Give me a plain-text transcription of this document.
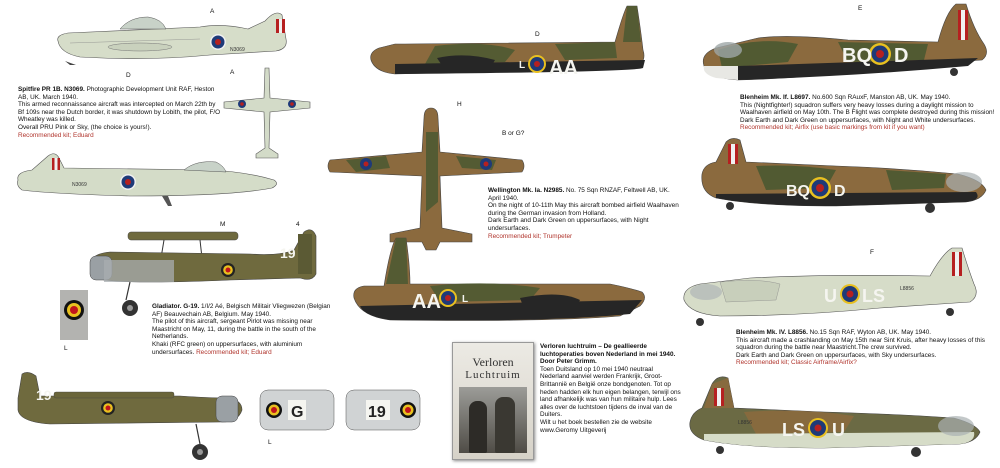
N3069
A
D	A
N3069
Spitfire PR 1B. N3069. Photographic Development Unit RAF, Heston AB, UK. March 1940.
This armed reconnaissance aircraft was intercepted on March 22th by Bf 109s near the Dutch border, it was shutdown by Lobith, the pilot, F/O Wheatley was killed.
Overall PRU Pink or Sky, (the choice is yours!).
Recommended kit; Eduard
19
M	4
L
Gladiator. G-19. 1/I/2 Aé, Belgisch Militair Vliegwezen (Belgian AF) Beauvechain AB, Belgium. May 1940.
The pilot of this aircraft, sergeant Pirlot was missing near Maastricht on May, 11, during the battle in the south of the Netherlands.
Khaki (RFC green) on uppersurfaces, with aluminium undersurfaces. Recommended kit; Eduard
19
G	19
L
AA
L
D
H
B or G?
Wellington Mk. Ia. N2985. No. 75 Sqn RNZAF, Feltwell AB, UK. April 1940.
On the night of 10-11th May this aircraft bombed airfield Waalhaven during the German invasion from Holland.
Dark Earth and Dark Green on uppersurfaces, with Night undersurfaces.
Recommended kit; Trumpeter
AA L
Verloren
Luchtruim
Verloren luchtruim – De geallieerde luchtoperaties boven Nederland in mei 1940. Door Peter Grimm.
Toen Duitsland op 10 mei 1940 neutraal Nederland aanviel werden Frankrijk, Groot-Brittannië en België onze bondgenoten. Tot op heden hadden elk hun eigen belangen, terwijl ons land afhankelijk was van hun militaire hulp. Lees alles over de luchtstoen tijdens de inval van de Duiters.
Wilt u het boek bestellen zie de website www.Geromy Uitgeverij
BQ D
E
Blenheim Mk. If. L8697. No.600 Sqn RAuxF, Manston AB, UK. May 1940.
This (Nightfighter!) squadron suffers very heavy losses during a daylight mission to Waalhaven airfield on May 10th. The B Flight was complete destroyed during this mission!
Dark Earth and Dark Green on uppersurfaces, with Night and White undersurfaces.
Recommended kit; Airfix (use basic markings from kit if you want)
BQ D
U LS	L8856
F
Blenheim Mk. IV. L8856. No.15 Sqn RAF, Wyton AB, UK. May 1940.
This aircraft made a crashlanding on May 15th near Sint Kruis, after heavy losses of this squadron during the battle near Maastricht.The crew survived.
Dark Earth and Dark Green on uppersurfaces, with Sky undersurfaces.
Recommended kit; Classic Airframe/Airfix?
LS U
L8856
